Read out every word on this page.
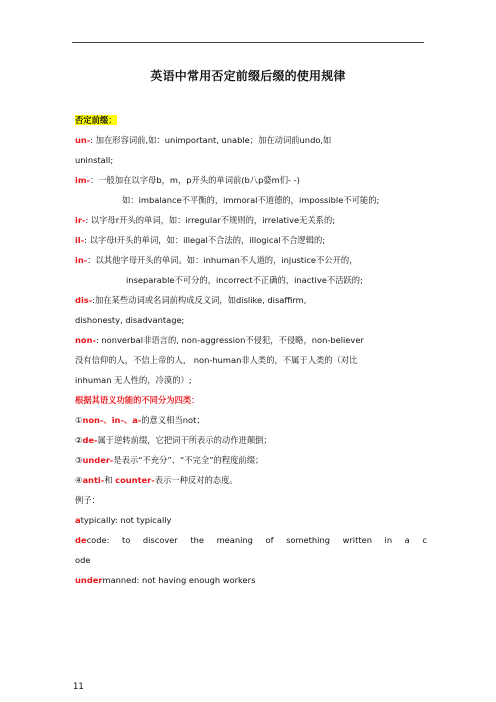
英语中常用否定前缀后缀的使用规律
否定前缀：
un-: 加在形容词前,如：unimportant, unable；加在动词前undo,如
uninstall;
im-：一般加在以字母b，m，p开头的单词前(b八p婆m们- -)
如：imbalance不平衡的，immoral不道德的，impossible不可能的;
ir-: 以字母r开头的单词，如：irregular不规则的，irrelative无关系的;
il-: 以字母l开头的单词，如：illegal不合法的，illogical不合逻辑的;
in-：以其他字母开头的单词。如：inhuman不人道的，injustice不公开的，
inseparable不可分的，incorrect不正确的，inactive不活跃的;
dis-:加在某些动词或名词前构成反义词，如dislike, disaffirm,
dishonesty, disadvantage;
non-: nonverbal非语言的, non-aggression不侵犯，不侵略，non-believer
没有信仰的人，不信上帝的人， non-human非人类的，不属于人类的（对比
inhuman 无人性的，冷漠的）;
根据其语义功能的不同分为四类：
①non-、in-、a-的意义相当not；
②de-属于逆转前缀，它把词干所表示的动作进颠倒；
③under-是表示“不充分”、“不完全”的程度前缀；
④anti-和 counter-表示一种反对的态度。
例子：
atypically: not typically
decode: to discover the meaning of something written in a c
ode
undermanned: not having enough workers
11
